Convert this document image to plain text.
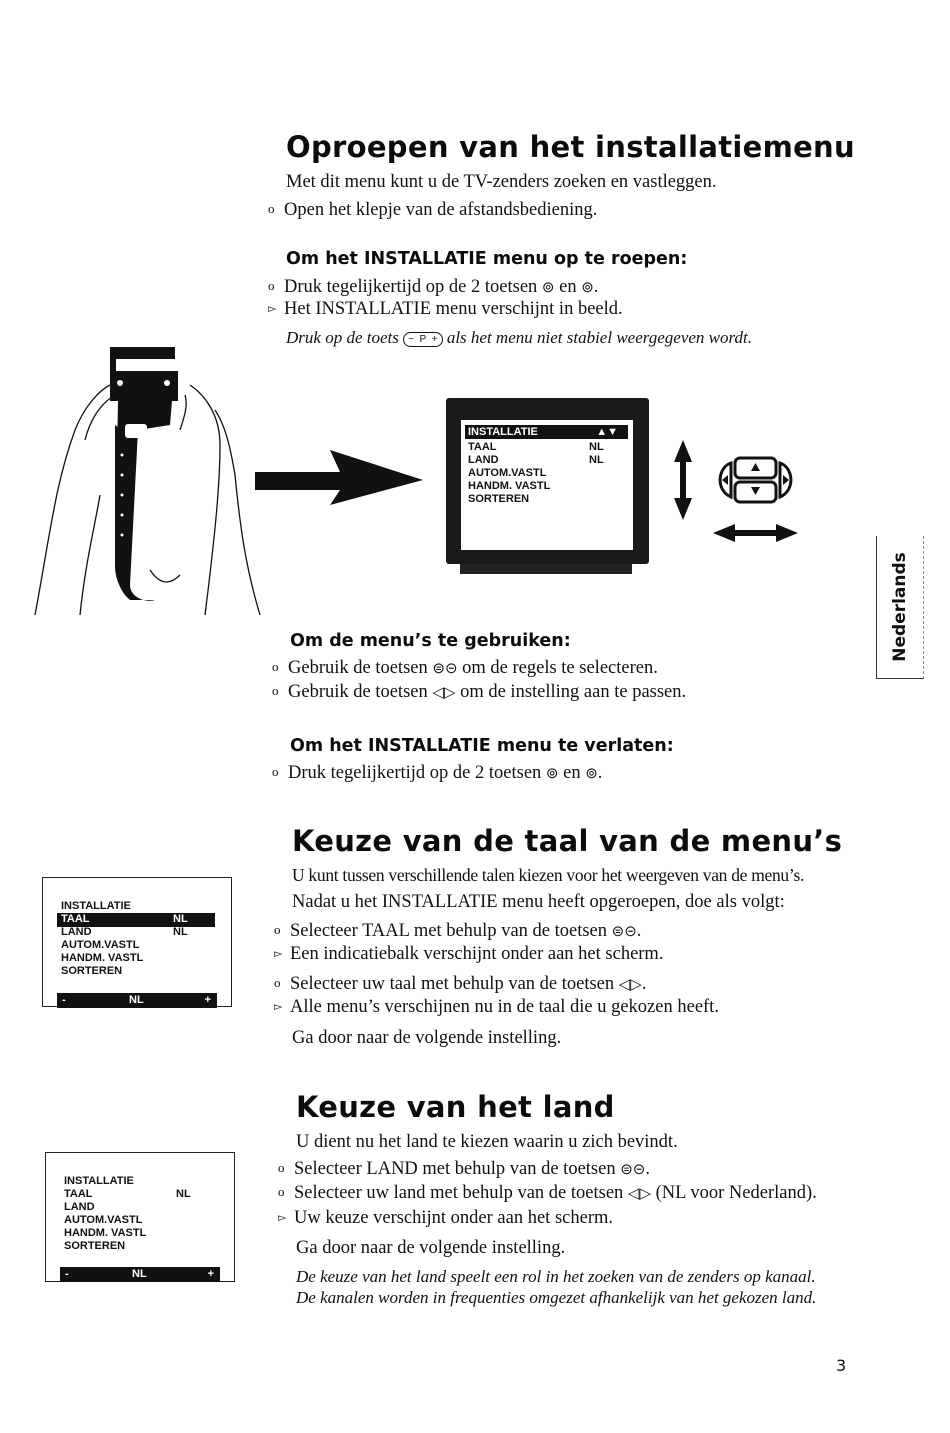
Oproepen van het installatiemenu
Met dit menu kunt u de TV-zenders zoeken en vastleggen.
o Open het klepje van de afstandsbediening.
Om het INSTALLATIE menu op te roepen:
o Druk tegelijkertijd op de 2 toetsen ⊚ en ⊚.
▻ Het INSTALLATIE menu verschijnt in beeld.
Druk op de toets −  P  + als het menu niet stabiel weergegeven wordt.
INSTALLATIE	▲▼
TAAL	NL
LAND	NL
AUTOM.VASTL
HANDM. VASTL
SORTEREN
Om de menu’s te gebruiken:
o Gebruik de toetsen ⊜⊝ om de regels te selecteren.
o Gebruik de toetsen ◁▷ om de instelling aan te passen.
Om het INSTALLATIE menu te verlaten:
o Druk tegelijkertijd op de 2 toetsen ⊚ en ⊚.
Nederlands
Keuze van de taal van de menu’s
U kunt tussen verschillende talen kiezen voor het weergeven van de menu’s.
Nadat u het INSTALLATIE menu heeft opgeroepen, doe als volgt:
o Selecteer TAAL met behulp van de toetsen ⊜⊝.
▻ Een indicatiebalk verschijnt onder aan het scherm.
o Selecteer uw taal met behulp van de toetsen ◁▷.
▻ Alle menu’s verschijnen nu in de taal die u gekozen heeft.
Ga door naar de volgende instelling.
INSTALLATIE
TAAL	NL
LAND	NL
AUTOM.VASTL
HANDM. VASTL
SORTEREN
-	NL	+
Keuze van het land
U dient nu het land te kiezen waarin u zich bevindt.
o Selecteer LAND met behulp van de toetsen ⊜⊝.
o Selecteer uw land met behulp van de toetsen ◁▷ (NL voor Nederland).
▻ Uw keuze verschijnt onder aan het scherm.
Ga door naar de volgende instelling.
De keuze van het land speelt een rol in het zoeken van de zenders op kanaal.
De kanalen worden in frequenties omgezet afhankelijk van het gekozen land.
INSTALLATIE
TAAL	NL
LAND
AUTOM.VASTL
HANDM. VASTL
SORTEREN
-	NL	+
3
